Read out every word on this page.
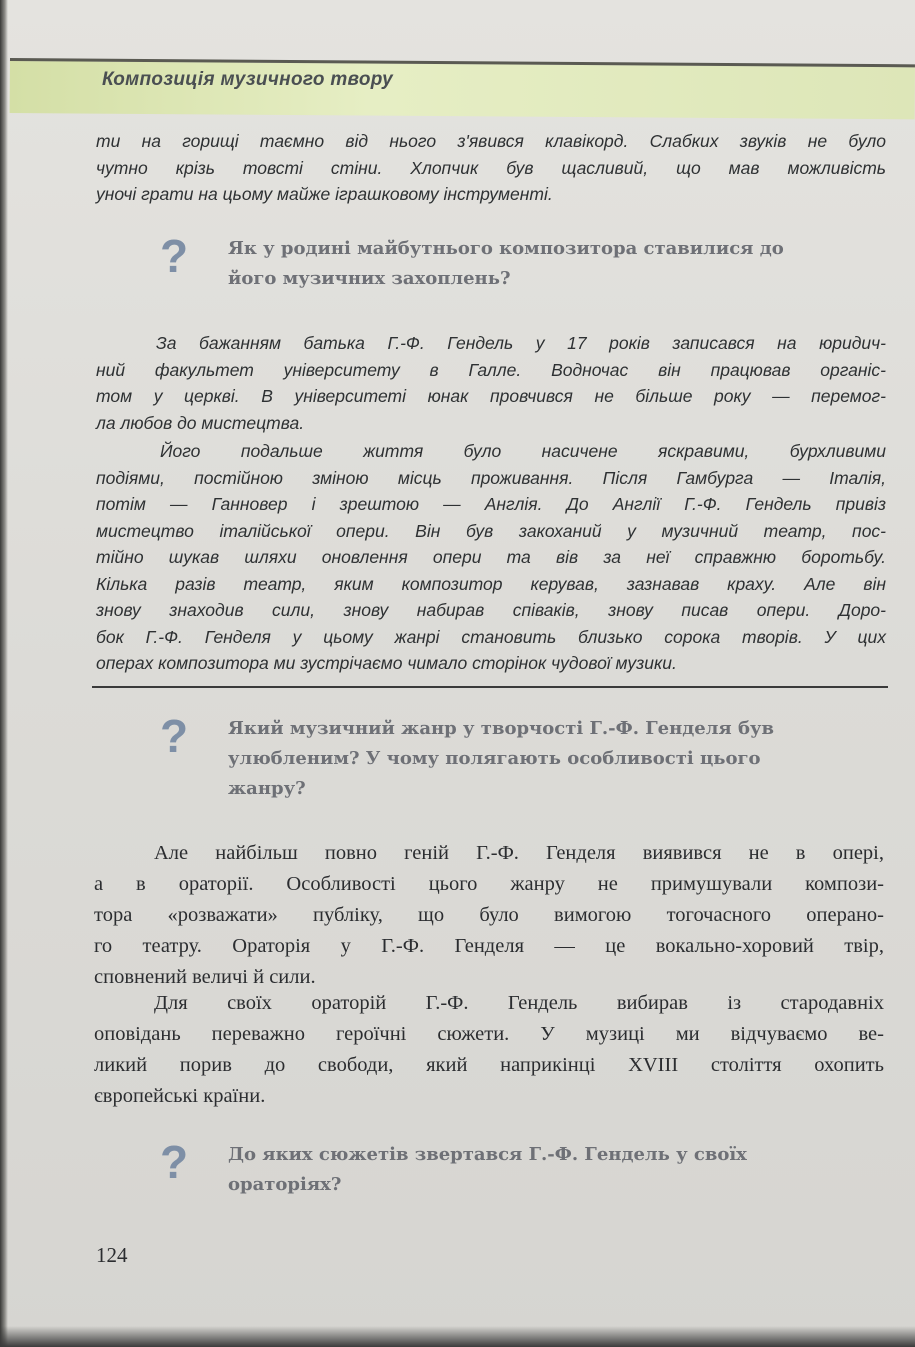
Композиція музичного твору
ти на горищі таємно від нього з'явився клавікорд. Слабких звуків не було
чутно крізь товсті стіни. Хлопчик був щасливий, що мав можливість
уночі грати на цьому майже іграшковому інструменті.
?	Як у родині майбутнього композитора ставилися до
його музичних захоплень?
За бажанням батька Г.-Ф. Гендель у 17 років записався на юридич-
ний факультет університету в Галле. Водночас він працював органіс-
том у церкві. В університеті юнак провчився не більше року — перемог-
ла любов до мистецтва.
Його подальше життя було насичене яскравими, бурхливими
подіями, постійною зміною місць проживання. Після Гамбурга — Італія,
потім — Ганновер і зрештою — Англія. До Англії Г.-Ф. Гендель привіз
мистецтво італійської опери. Він був закоханий у музичний театр, пос-
тійно шукав шляхи оновлення опери та вів за неї справжню боротьбу.
Кілька разів театр, яким композитор керував, зазнавав краху. Але він
знову знаходив сили, знову набирав співаків, знову писав опери. Доро-
бок Г.-Ф. Генделя у цьому жанрі становить близько сорока творів. У цих
операх композитора ми зустрічаємо чимало сторінок чудової музики.
?	Який музичний жанр у творчості Г.-Ф. Генделя був
улюбленим? У чому полягають особливості цього
жанру?
Але найбільш повно геній Г.-Ф. Генделя виявився не в опері,
а в ораторії. Особливості цього жанру не примушували компози-
тора «розважати» публіку, що було вимогою тогочасного операно-
го театру. Ораторія у Г.-Ф. Генделя — це вокально-хоровий твір,
сповнений величі й сили.
Для своїх ораторій Г.-Ф. Гендель вибирав із стародавніх
оповідань переважно героїчні сюжети. У музиці ми відчуваємо ве-
ликий порив до свободи, який наприкінці XVIII століття охопить
європейські країни.
?	До яких сюжетів звертався Г.-Ф. Гендель у своїх
ораторіях?
124
